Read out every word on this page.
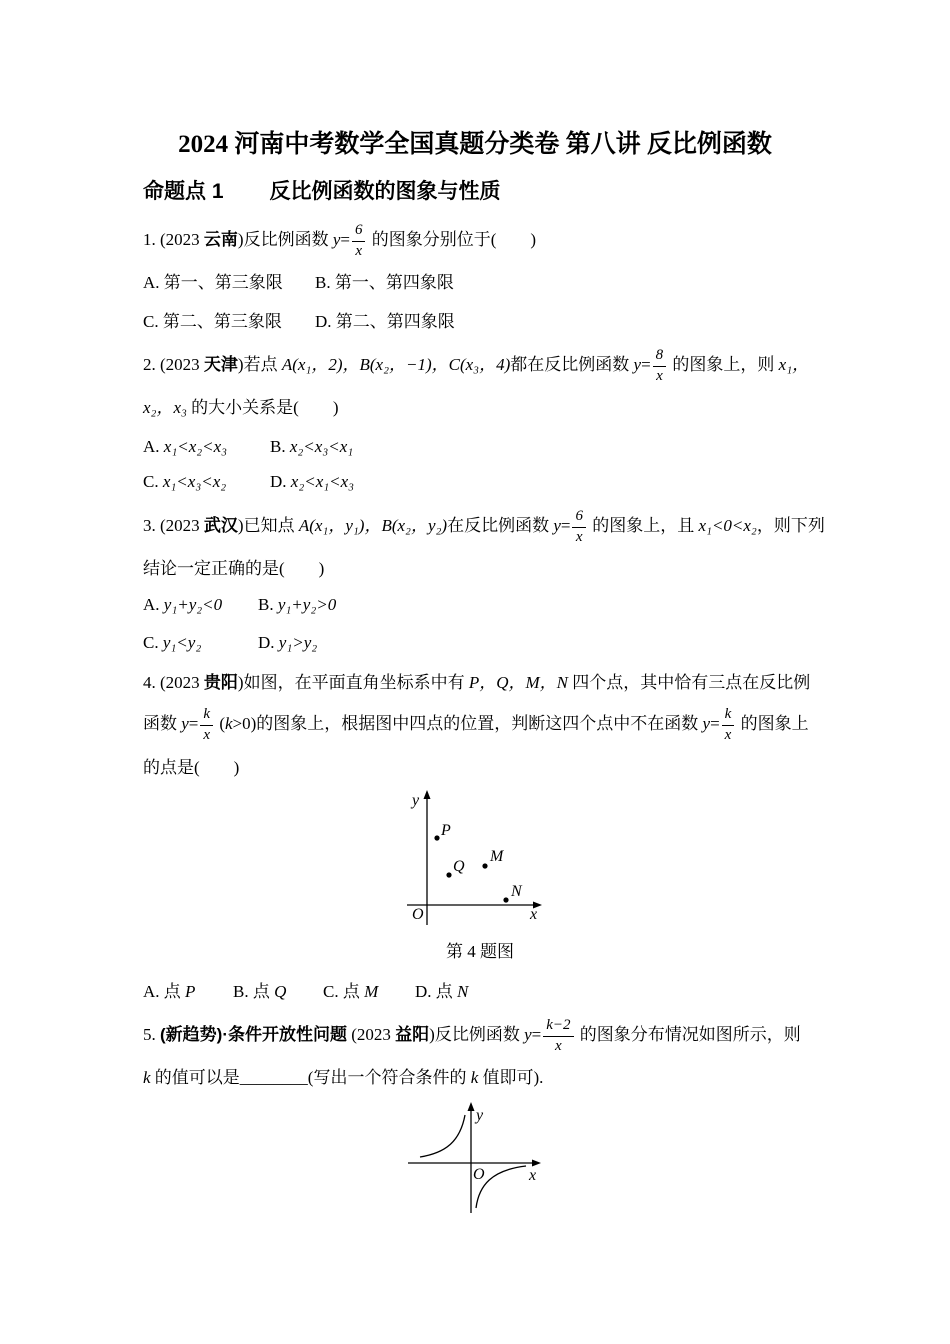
2024 河南中考数学全国真题分类卷 第八讲 反比例函数
命题点 1 反比例函数的图象与性质
1. (2023 云南)反比例函数 $y= \frac{6}{x}$ 的图象分别位于(        )
A. 第一、第三象限 B. 第一、第四象限
C. 第二、第三象限 D. 第二、第四象限
2. (2023 天津)若点 A(x₁，2)，B(x₂，−1)，C(x₃，4)都在反比例函数 $y= \frac{8}{x}$ 的图象上，则 x₁，
x₂，x₃ 的大小关系是(        )
A. x₁<x₂<x₃	B. x₂<x₃<x₁
C. x₁<x₃<x₂	D. x₂<x₁<x₃
3. (2023 武汉)已知点 A(x₁，y₁)，B(x₂，y₂)在反比例函数 $y= \frac{6}{x}$ 的图象上，且 x₁<0<x₂，则下列
结论一定正确的是(        )
A. y₁+y₂<0 B. y₁+y₂>0
C. y₁<y₂	D. y₁>y₂
4. (2023 贵阳)如图，在平面直角坐标系中有 P，Q，M，N 四个点，其中恰有三点在反比例
函数 $y= \frac{k}{x} (k>0)$的图象上，根据图中四点的位置，判断这四个点中不在函数 $y= \frac{k}{x}$ 的图象上
的点是(        )
y
x
O
P
Q
M
N
第 4 题图
A. 点 P B. 点 Q C. 点 M D. 点 N
5. (新趋势)·条件开放性问题 (2023 益阳)反比例函数 $y= \frac{k-2}{x}$ 的图象分布情况如图所示，则
k 的值可以是________(写出一个符合条件的 k 值即可).
y
x
O
